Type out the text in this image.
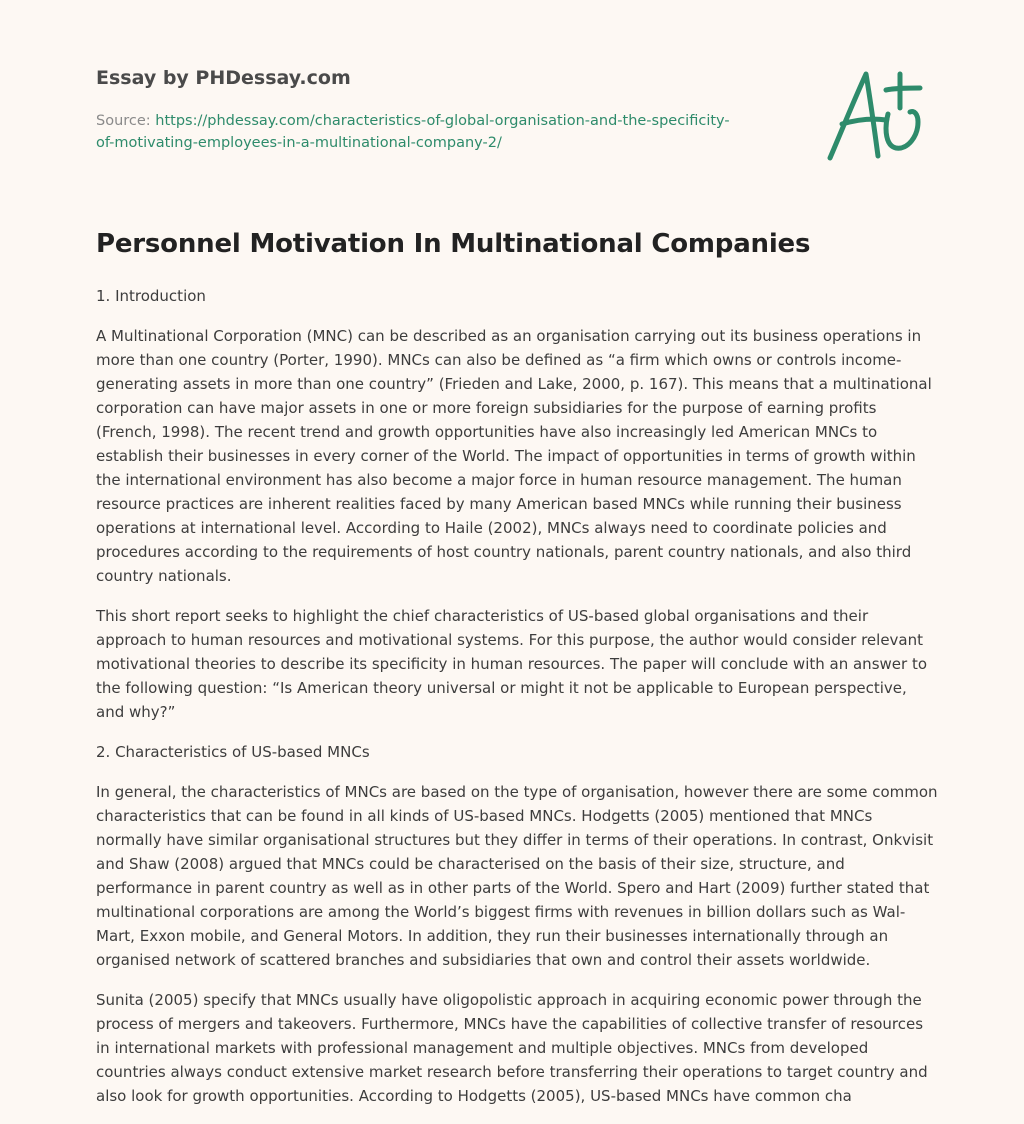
Essay by PHDessay.com

Source: https://phdessay.com/characteristics-of-global-organisation-and-the-specificity-
of-motivating-employees-in-a-multinational-company-2/
Personnel Motivation In Multinational Companies

1. Introduction

A Multinational Corporation (MNC) can be described as an organisation carrying out its business operations in more than one country (Porter, 1990). MNCs can also be defined as “a firm which owns or controls income-generating assets in more than one country” (Frieden and Lake, 2000, p. 167). This means that a multinational corporation can have major assets in one or more foreign subsidiaries for the purpose of earning profits (French, 1998). The recent trend and growth opportunities have also increasingly led American MNCs to establish their businesses in every corner of the World. The impact of opportunities in terms of growth within the international environment has also become a major force in human resource management. The human resource practices are inherent realities faced by many American based MNCs while running their business operations at international level. According to Haile (2002), MNCs always need to coordinate policies and procedures according to the requirements of host country nationals, parent country nationals, and also third country nationals.

This short report seeks to highlight the chief characteristics of US-based global organisations and their approach to human resources and motivational systems. For this purpose, the author would consider relevant motivational theories to describe its specificity in human resources. The paper will conclude with an answer to the following question: “Is American theory universal or might it not be applicable to European perspective, and why?”

2. Characteristics of US-based MNCs

In general, the characteristics of MNCs are based on the type of organisation, however there are some common characteristics that can be found in all kinds of US-based MNCs. Hodgetts (2005) mentioned that MNCs normally have similar organisational structures but they differ in terms of their operations. In contrast, Onkvisit and Shaw (2008) argued that MNCs could be characterised on the basis of their size, structure, and performance in parent country as well as in other parts of the World. Spero and Hart (2009) further stated that multinational corporations are among the World’s biggest firms with revenues in billion dollars such as Wal-Mart, Exxon mobile, and General Motors. In addition, they run their businesses internationally through an organised network of scattered branches and subsidiaries that own and control their assets worldwide.

Sunita (2005) specify that MNCs usually have oligopolistic approach in acquiring economic power through the process of mergers and takeovers. Furthermore, MNCs have the capabilities of collective transfer of resources in international markets with professional management and multiple objectives. MNCs from developed countries always conduct extensive market research before transferring their operations to target country and also look for growth opportunities. According to Hodgetts (2005), US-based MNCs have common cha
